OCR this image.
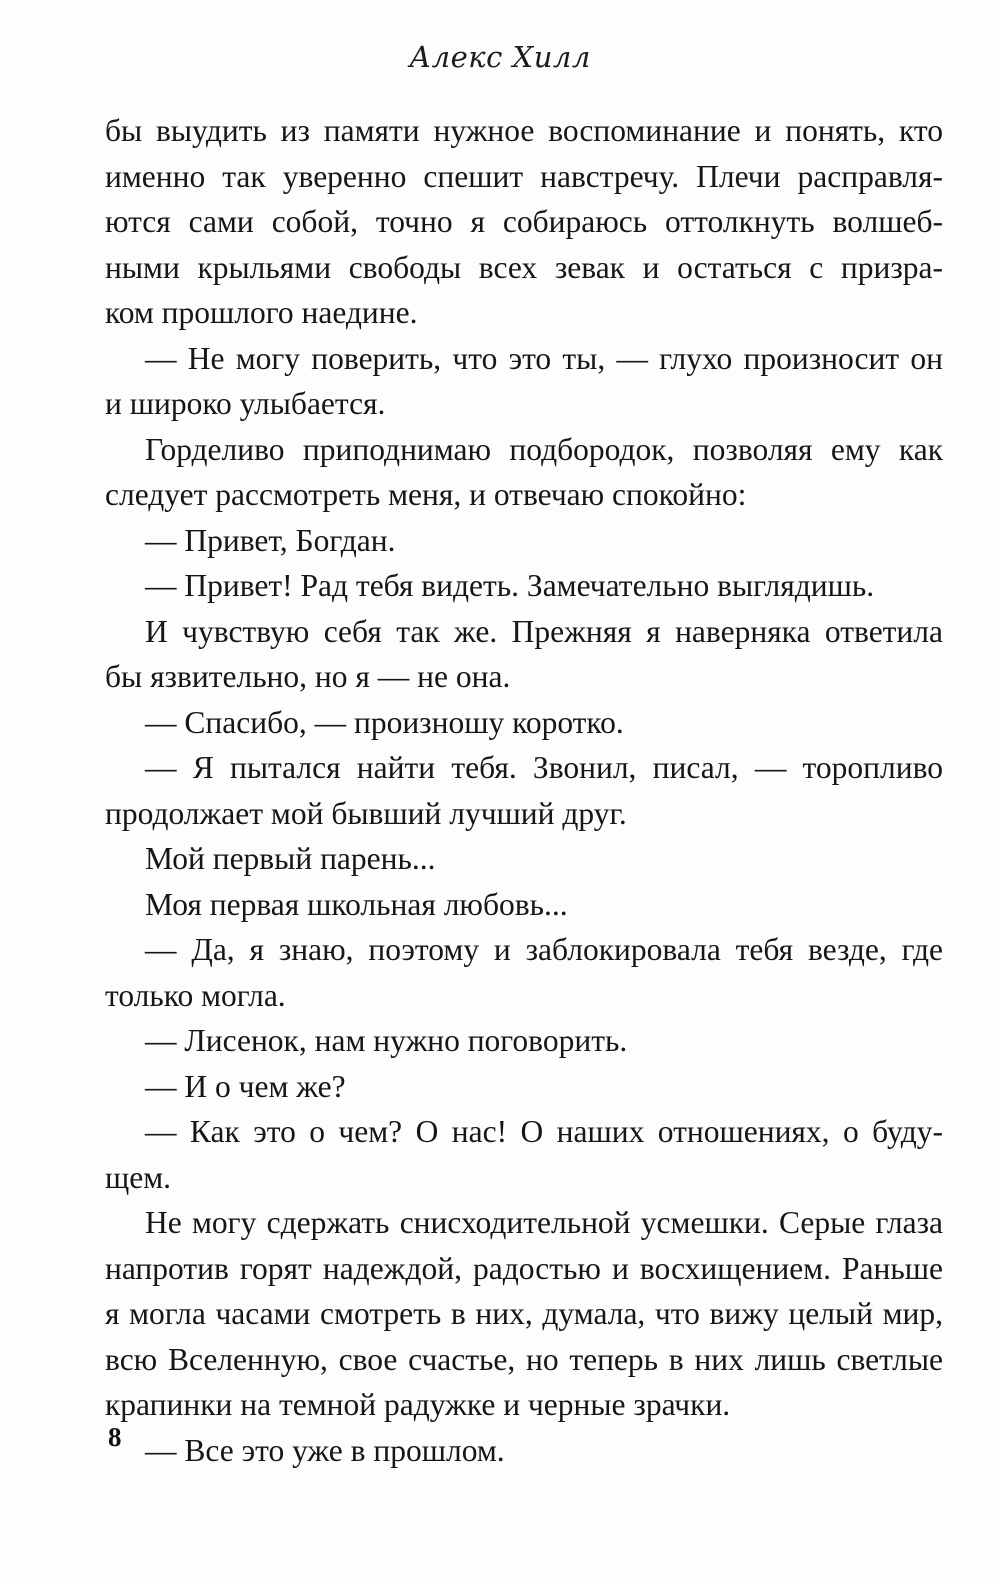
Алекс Хилл
бы выудить из памяти нужное воспоминание и понять, кто
именно так уверенно спешит навстречу. Плечи расправля-
ются сами собой, точно я собираюсь оттолкнуть волшеб-
ными крыльями свободы всех зевак и остаться с призра-
ком прошлого наедине.
— Не могу поверить, что это ты, — глухо произносит он
и широко улыбается.
Горделиво приподнимаю подбородок, позволяя ему как
следует рассмотреть меня, и отвечаю спокойно:
— Привет, Богдан.
— Привет! Рад тебя видеть. Замечательно выглядишь.
И чувствую себя так же. Прежняя я наверняка ответила
бы язвительно, но я — не она.
— Спасибо, — произношу коротко.
— Я пытался найти тебя. Звонил, писал, — торопливо
продолжает мой бывший лучший друг.
Мой первый парень...
Моя первая школьная любовь...
— Да, я знаю, поэтому и заблокировала тебя везде, где
только могла.
— Лисенок, нам нужно поговорить.
— И о чем же?
— Как это о чем? О нас! О наших отношениях, о буду-
щем.
Не могу сдержать снисходительной усмешки. Серые глаза
напротив горят надеждой, радостью и восхищением. Раньше
я могла часами смотреть в них, думала, что вижу целый мир,
всю Вселенную, свое счастье, но теперь в них лишь светлые
крапинки на темной радужке и черные зрачки.
— Все это уже в прошлом.
8
